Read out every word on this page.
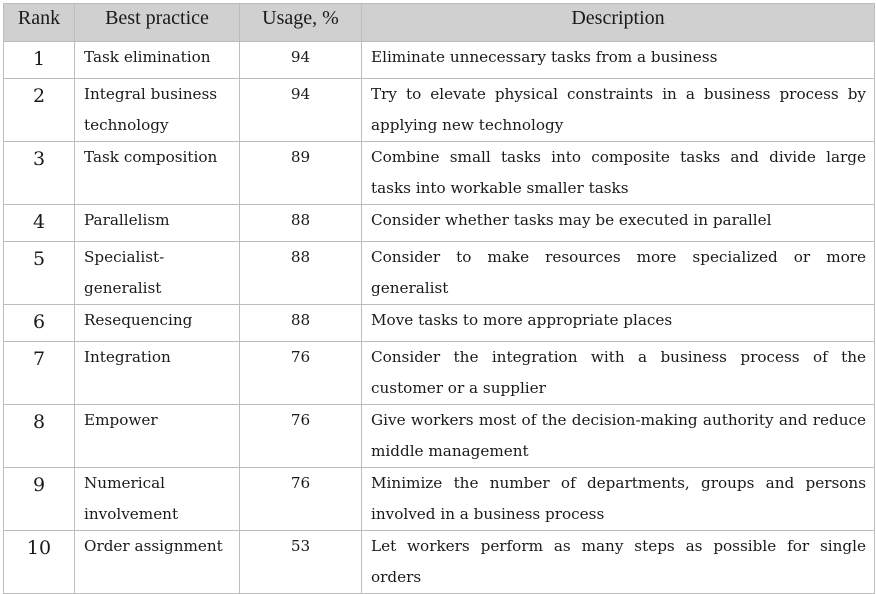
Rank	Best practice	Usage, %	Description
1	Task elimination	94	Eliminate unnecessary tasks from a business
2	Integral business technology	94	Try to elevate physical constraints in a business process by applying new technology
3	Task composition	89	Combine small tasks into composite tasks and divide large tasks into workable smaller tasks
4	Parallelism	88	Consider whether tasks may be executed in parallel
5	Specialist-generalist	88	Consider to make resources more specialized or more generalist
6	Resequencing	88	Move tasks to more appropriate places
7	Integration	76	Consider the integration with a business process of the customer or a supplier
8	Empower	76	Give workers most of the decision-making authority and reduce middle management
9	Numerical involvement	76	Minimize the number of departments, groups and persons involved in a business process
10	Order assignment	53	Let workers perform as many steps as possible for single orders
